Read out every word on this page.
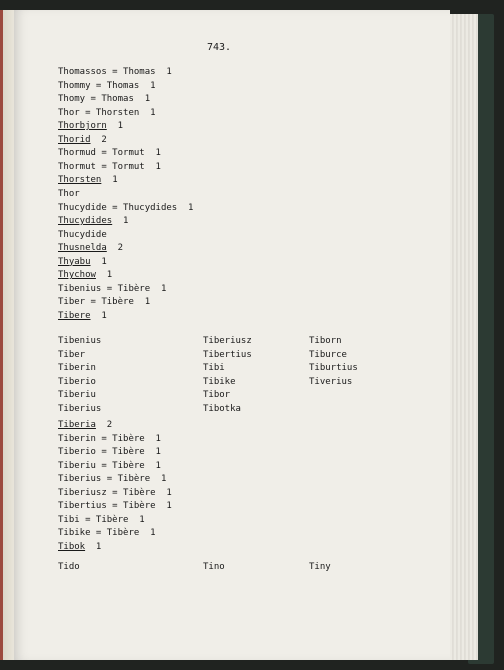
743.
Thomassos = Thomas  1
Thommy = Thomas  1
Thomy = Thomas  1
Thor = Thorsten  1
Thorbjorn  1
Thorid  2
Thormud = Tormut  1
Thormut = Tormut  1
Thorsten  1
Thor
Thucydide = Thucydides  1
Thucydides  1
Thucydide
Thusnelda  2
Thyabu  1
Thychow  1
Tibenius = Tibère  1
Tiber = Tibère  1
Tibere  1
Tibenius	Tiberiusz	Tiborn
Tiber	Tibertius	Tiburce
Tiberin	Tibi	Tiburtius
Tiberio	Tibike	Tiverius
Tiberiu	Tibor
Tiberius	Tibotka
Tiberia  2
Tiberin = Tibère  1
Tiberio = Tibère  1
Tiberiu = Tibère  1
Tiberius = Tibère  1
Tiberiusz = Tibère  1
Tibertius = Tibère  1
Tibi = Tibère  1
Tibike = Tibère  1
Tibok  1
Tido	Tino	Tiny
